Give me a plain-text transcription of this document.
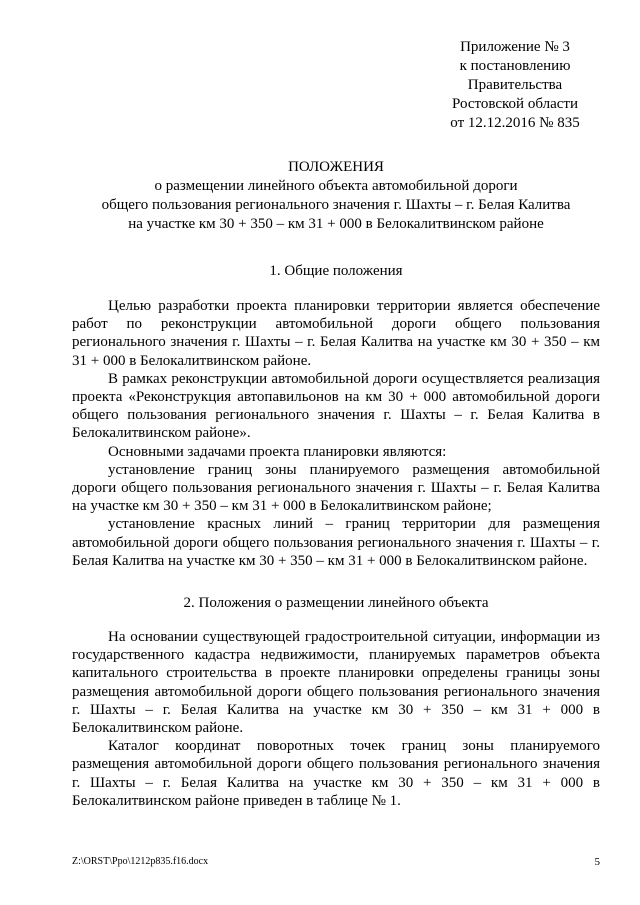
Приложение № 3
к постановлению
Правительства
Ростовской области
от 12.12.2016 № 835
ПОЛОЖЕНИЯ
о размещении линейного объекта автомобильной дороги
общего пользования регионального значения г. Шахты – г. Белая Калитва
на участке км 30 + 350 – км 31 + 000 в Белокалитвинском районе
1. Общие положения

Целью разработки проекта планировки территории является обеспечение работ по реконструкции автомобильной дороги общего пользования регионального значения г. Шахты – г. Белая Калитва на участке км 30 + 350 – км 31 + 000 в Белокалитвинском районе.

В рамках реконструкции автомобильной дороги осуществляется реализация проекта «Реконструкция автопавильонов на км 30 + 000 автомобильной дороги общего пользования регионального значения г. Шахты – г. Белая Калитва в Белокалитвинском районе».

Основными задачами проекта планировки являются:

установление границ зоны планируемого размещения автомобильной дороги общего пользования регионального значения г. Шахты – г. Белая Калитва на участке км 30 + 350 – км 31 + 000 в Белокалитвинском районе;

установление красных линий – границ территории для размещения автомобильной дороги общего пользования регионального значения г. Шахты – г. Белая Калитва на участке км 30 + 350 – км 31 + 000 в Белокалитвинском районе.

2. Положения о размещении линейного объекта

На основании существующей градостроительной ситуации, информации из государственного кадастра недвижимости, планируемых параметров объекта капитального строительства в проекте планировки определены границы зоны размещения автомобильной дороги общего пользования регионального значения г. Шахты – г. Белая Калитва на участке км 30 + 350 – км 31 + 000 в Белокалитвинском районе.

Каталог координат поворотных точек границ зоны планируемого размещения автомобильной дороги общего пользования регионального значения г. Шахты – г. Белая Калитва на участке км 30 + 350 – км 31 + 000 в Белокалитвинском районе приведен в таблице № 1.

Z:\ORST\Ppo\1212p835.f16.docx	5
